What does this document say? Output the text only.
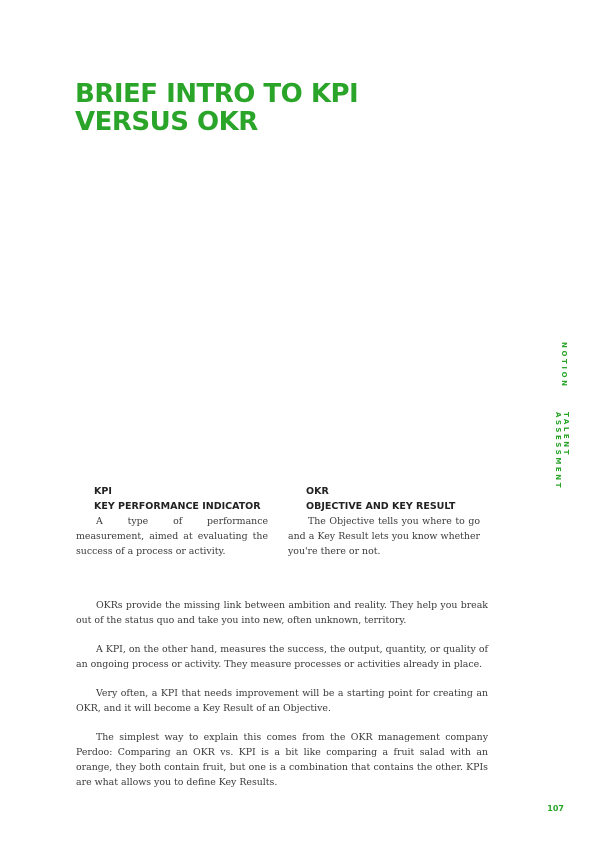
BRIEF INTRO TO KPI
VERSUS OKR
NOTION
TALENT ASSESSMENT
KPI
KEY PERFORMANCE INDICATOR

A type of performance measurement, aimed at evaluating the success of a process or activity.

OKR
OBJECTIVE AND KEY RESULT

The Objective tells you where to go and a Key Result lets you know whether you're there or not.

OKRs provide the missing link between ambition and reality. They help you break out of the status quo and take you into new, often unknown, territory.

A KPI, on the other hand, measures the success, the output, quantity, or quality of an ongoing process or activity. They measure processes or activities already in place.

Very often, a KPI that needs improvement will be a starting point for creating an OKR, and it will become a Key Result of an Objective.

The simplest way to explain this comes from the OKR management company Perdoo: Comparing an OKR vs. KPI is a bit like comparing a fruit salad with an orange, they both contain fruit, but one is a combination that contains the other. KPIs are what allows you to define Key Results.

107
